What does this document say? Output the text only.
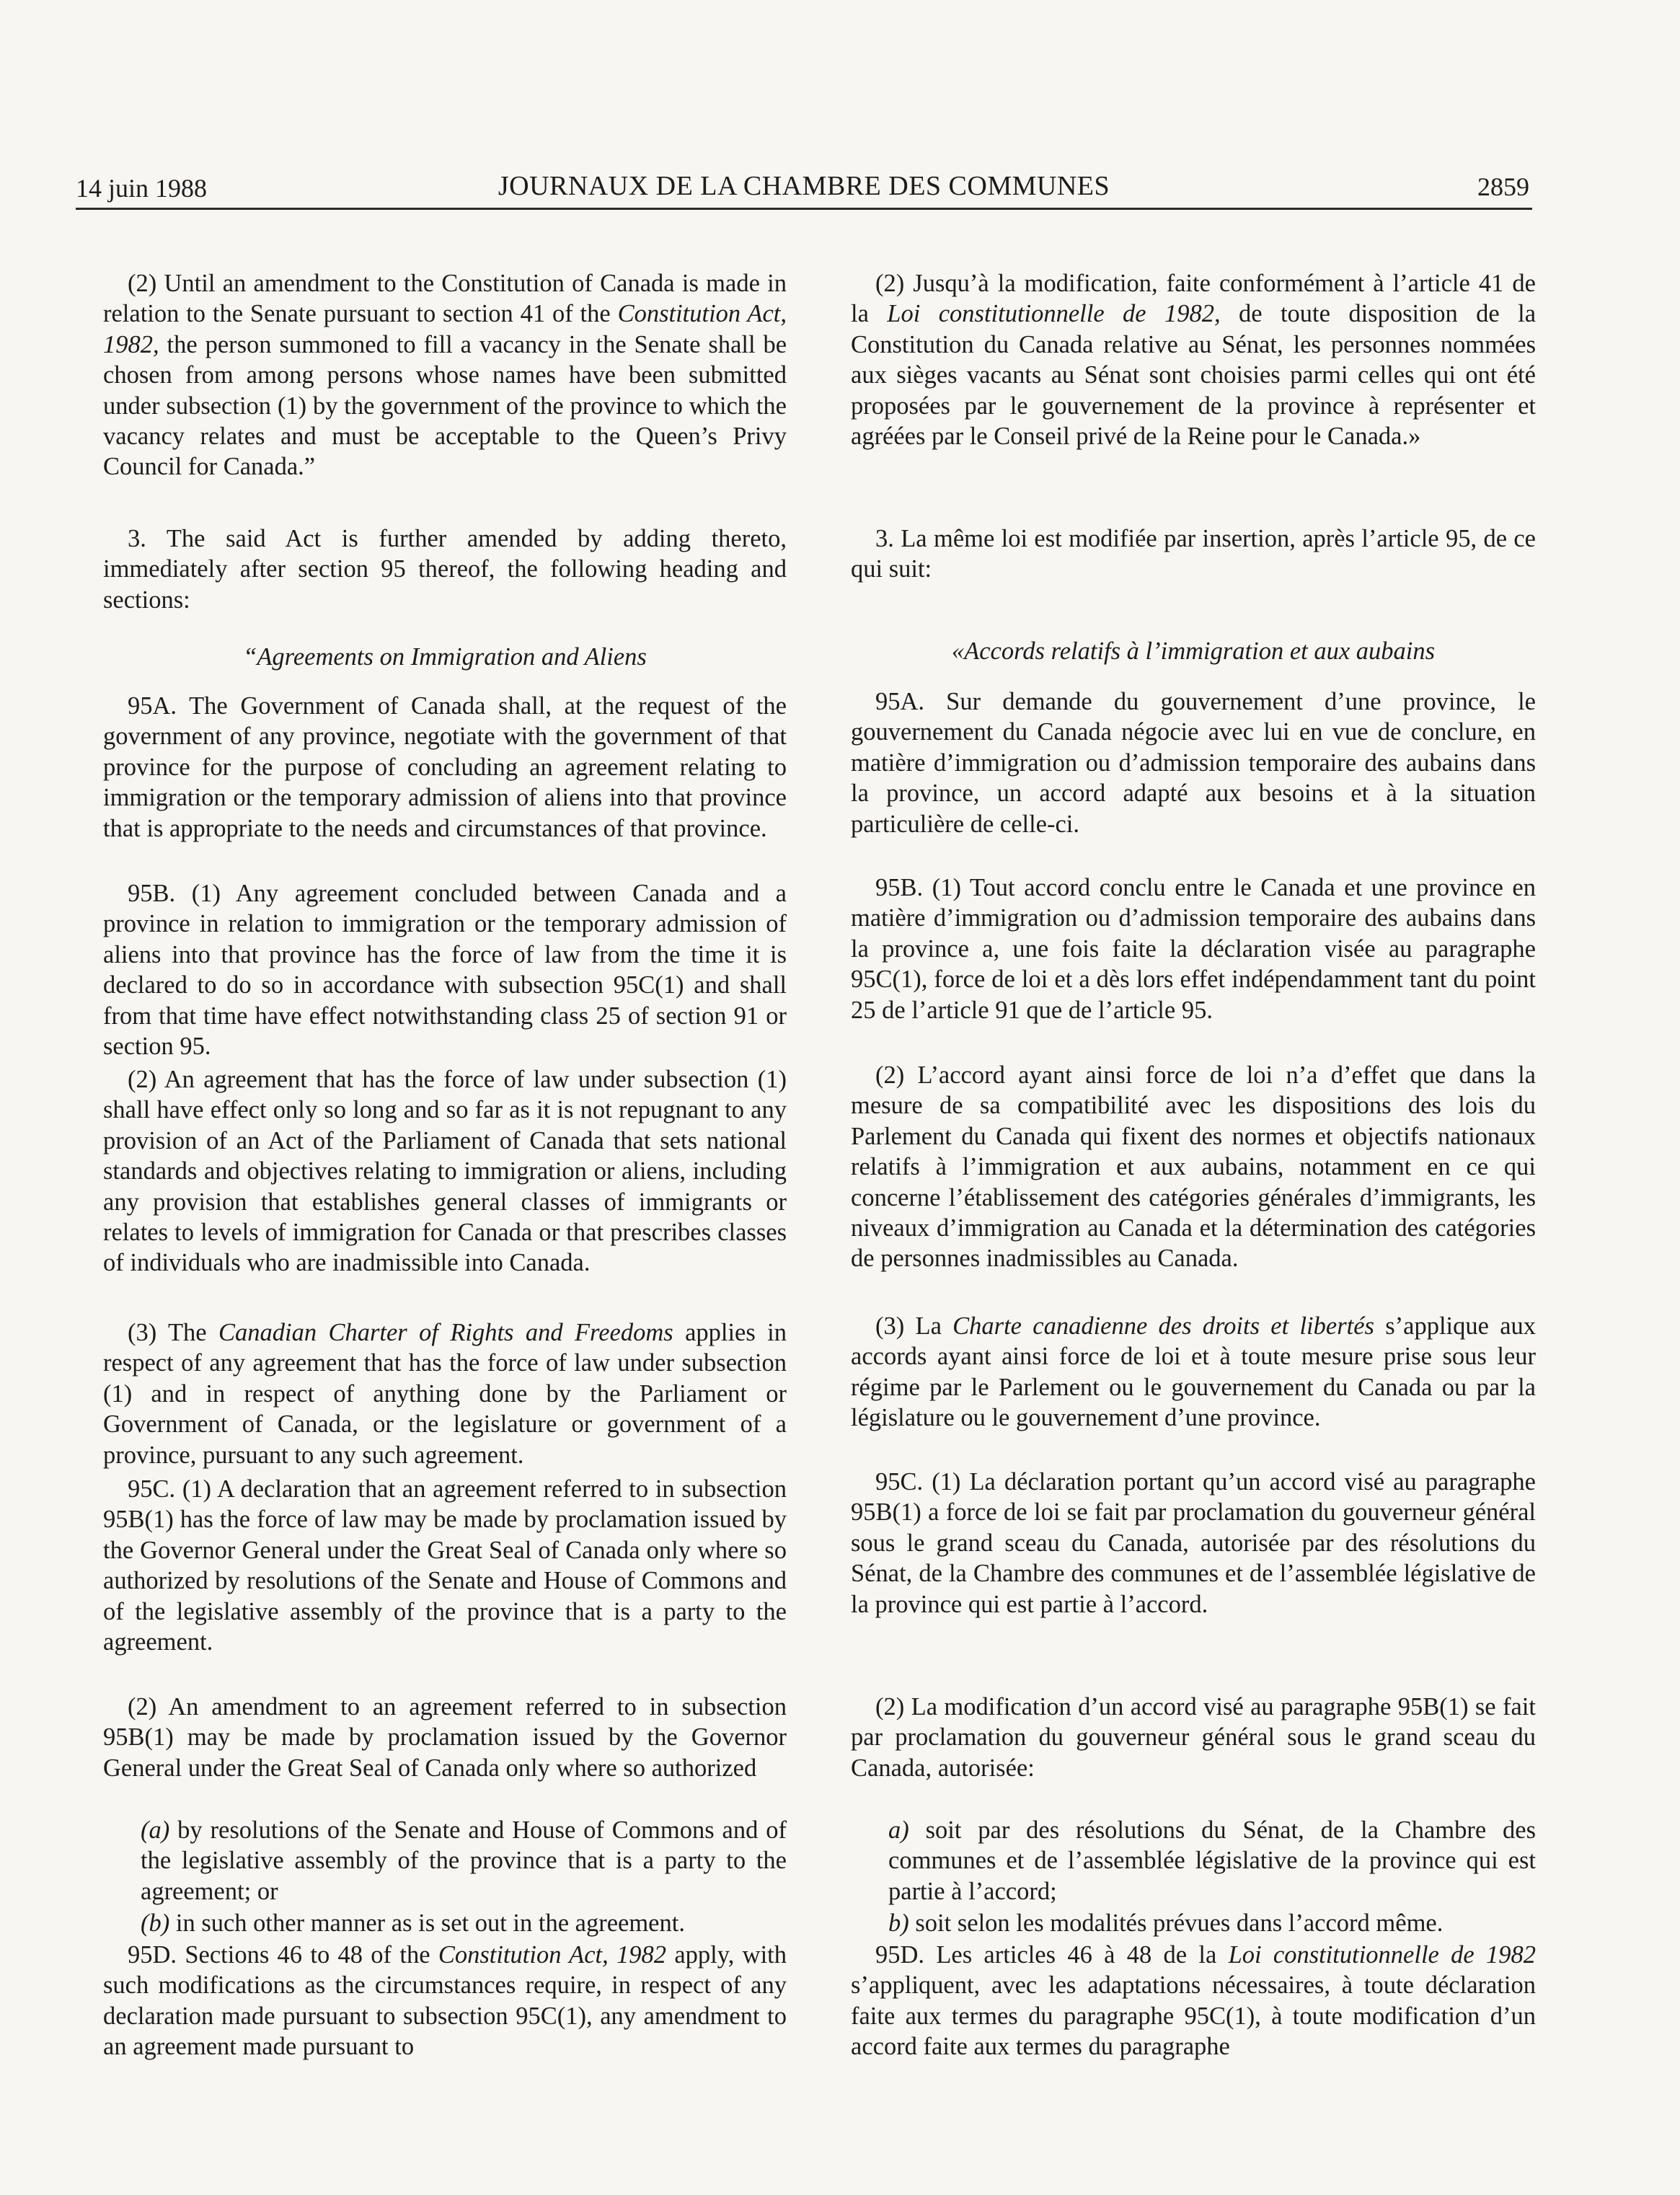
14 juin 1988	JOURNAUX DE LA CHAMBRE DES COMMUNES	2859

(2) Until an amendment to the Constitution of Canada is made in relation to the Senate pursuant to section 41 of the Constitution Act, 1982, the person summoned to fill a vacancy in the Senate shall be chosen from among persons whose names have been submitted under subsection (1) by the government of the province to which the vacancy relates and must be acceptable to the Queen’s Privy Council for Canada.”

3. The said Act is further amended by adding thereto, immediately after section 95 thereof, the following heading and sections:

“Agreements on Immigration and Aliens

95A. The Government of Canada shall, at the request of the government of any province, negotiate with the government of that province for the purpose of concluding an agreement relating to immigration or the temporary admission of aliens into that province that is appropriate to the needs and circumstances of that province.

95B. (1) Any agreement concluded between Canada and a province in relation to immigration or the temporary admission of aliens into that province has the force of law from the time it is declared to do so in accordance with subsection 95C(1) and shall from that time have effect notwithstanding class 25 of section 91 or section 95.

(2) An agreement that has the force of law under subsection (1) shall have effect only so long and so far as it is not repugnant to any provision of an Act of the Parliament of Canada that sets national standards and objectives relating to immigration or aliens, including any provision that establishes general classes of immigrants or relates to levels of immigration for Canada or that prescribes classes of individuals who are inadmissible into Canada.

(3) The Canadian Charter of Rights and Freedoms applies in respect of any agreement that has the force of law under subsection (1) and in respect of anything done by the Parliament or Government of Canada, or the legislature or government of a province, pursuant to any such agreement.

95C. (1) A declaration that an agreement referred to in subsection 95B(1) has the force of law may be made by proclamation issued by the Governor General under the Great Seal of Canada only where so authorized by resolutions of the Senate and House of Commons and of the legislative assembly of the province that is a party to the agreement.

(2) An amendment to an agreement referred to in subsection 95B(1) may be made by proclamation issued by the Governor General under the Great Seal of Canada only where so authorized

(a) by resolutions of the Senate and House of Commons and of the legislative assembly of the province that is a party to the agreement; or

(b) in such other manner as is set out in the agreement.

95D. Sections 46 to 48 of the Constitution Act, 1982 apply, with such modifications as the circumstances require, in respect of any declaration made pursuant to subsection 95C(1), any amendment to an agreement made pursuant to

(2) Jusqu’à la modification, faite conformément à l’article 41 de la Loi constitutionnelle de 1982, de toute disposition de la Constitution du Canada relative au Sénat, les personnes nommées aux sièges vacants au Sénat sont choisies parmi celles qui ont été proposées par le gouvernement de la province à représenter et agréées par le Conseil privé de la Reine pour le Canada.»

3. La même loi est modifiée par insertion, après l’article 95, de ce qui suit:

«Accords relatifs à l’immigration et aux aubains

95A. Sur demande du gouvernement d’une province, le gouvernement du Canada négocie avec lui en vue de conclure, en matière d’immigration ou d’admission temporaire des aubains dans la province, un accord adapté aux besoins et à la situation particulière de celle-ci.

95B. (1) Tout accord conclu entre le Canada et une province en matière d’immigration ou d’admission temporaire des aubains dans la province a, une fois faite la déclaration visée au paragraphe 95C(1), force de loi et a dès lors effet indépendamment tant du point 25 de l’article 91 que de l’article 95.

(2) L’accord ayant ainsi force de loi n’a d’effet que dans la mesure de sa compatibilité avec les dispositions des lois du Parlement du Canada qui fixent des normes et objectifs nationaux relatifs à l’immigration et aux aubains, notamment en ce qui concerne l’établissement des catégories générales d’immigrants, les niveaux d’immigration au Canada et la détermination des catégories de personnes inadmissibles au Canada.

(3) La Charte canadienne des droits et libertés s’applique aux accords ayant ainsi force de loi et à toute mesure prise sous leur régime par le Parlement ou le gouvernement du Canada ou par la législature ou le gouvernement d’une province.

95C. (1) La déclaration portant qu’un accord visé au paragraphe 95B(1) a force de loi se fait par proclamation du gouverneur général sous le grand sceau du Canada, autorisée par des résolutions du Sénat, de la Chambre des communes et de l’assemblée législative de la province qui est partie à l’accord.

(2) La modification d’un accord visé au paragraphe 95B(1) se fait par proclamation du gouverneur général sous le grand sceau du Canada, autorisée:

a) soit par des résolutions du Sénat, de la Chambre des communes et de l’assemblée législative de la province qui est partie à l’accord;

b) soit selon les modalités prévues dans l’accord même.

95D. Les articles 46 à 48 de la Loi constitutionnelle de 1982 s’appliquent, avec les adaptations nécessaires, à toute déclaration faite aux termes du paragraphe 95C(1), à toute modification d’un accord faite aux termes du paragraphe
